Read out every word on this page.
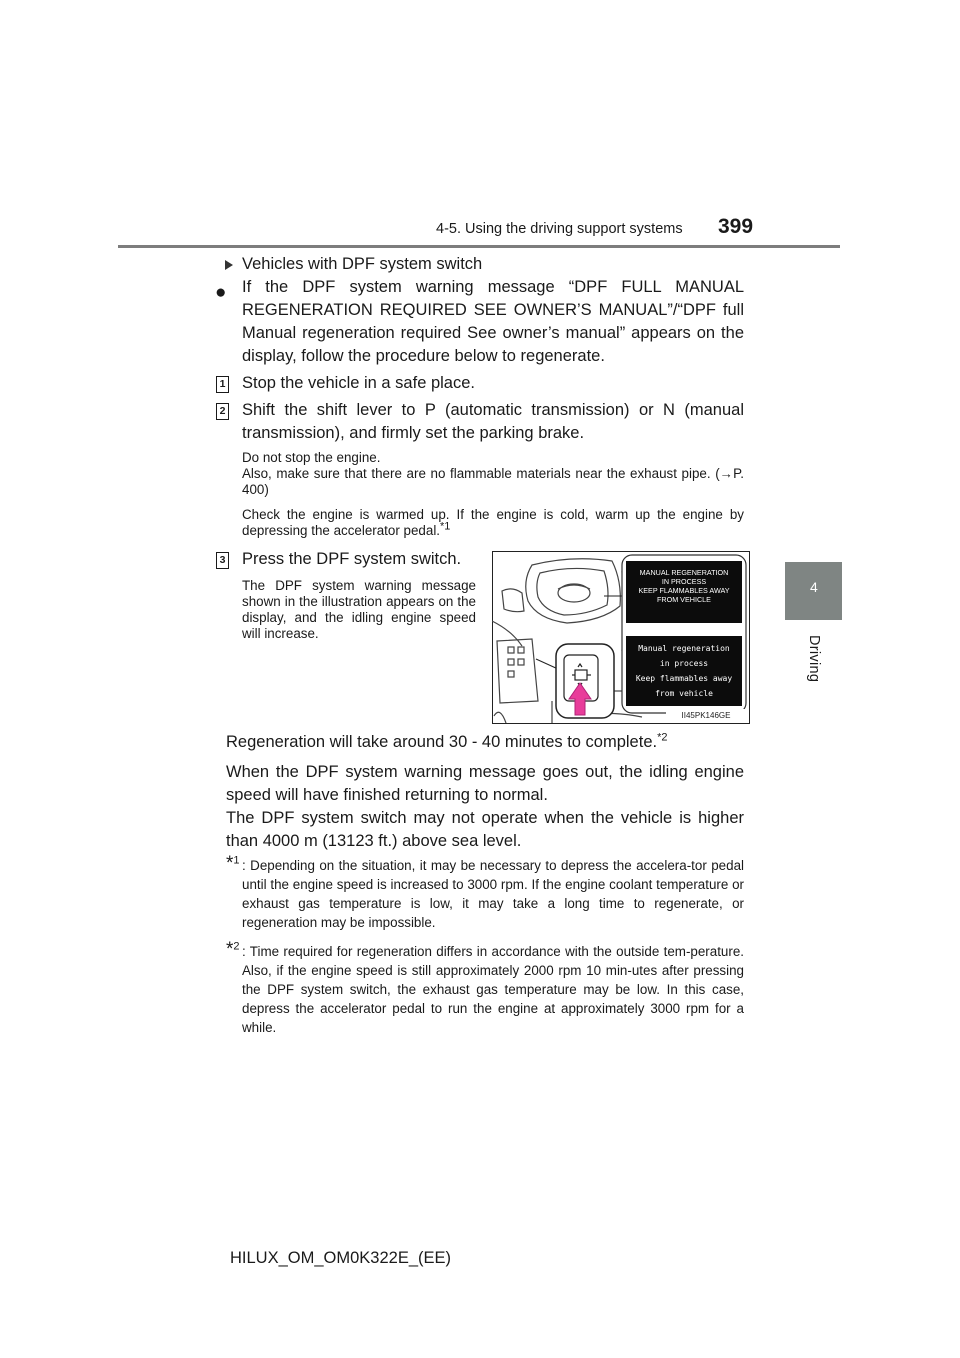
4-5. Using the driving support systems 399
4
Driving
Vehicles with DPF system switch
● If the DPF system warning message “DPF FULL MANUAL REGENERATION REQUIRED SEE OWNER’S MANUAL”/“DPF full Manual regeneration required See owner’s manual” appears on the display, follow the procedure below to regenerate.
1 Stop the vehicle in a safe place.
2 Shift the shift lever to P (automatic transmission) or N (manual transmission), and firmly set the parking brake.
Do not stop the engine.
Also, make sure that there are no flammable materials near the exhaust pipe. (→P. 400)
Check the engine is warmed up. If the engine is cold, warm up the engine by depressing the accelerator pedal.$^{*1}$
3 Press the DPF system switch.
The DPF system warning message shown in the illustration appears on the display, and the idling engine speed will increase.
MANUAL REGENERATION
IN PROCESS
KEEP FLAMMABLES AWAY
FROM VEHICLE
Manual regeneration
in process
Keep flammables away
from vehicle
II45PK146GE
Regeneration will take around 30 - 40 minutes to complete.$^{*2}$
When the DPF system warning message goes out, the idling engine speed will have finished returning to normal.
The DPF system switch may not operate when the vehicle is higher than 4000 m (13123 ft.) above sea level.
*$^1$ : Depending on the situation, it may be necessary to depress the accelera-tor pedal until the engine speed is increased to 3000 rpm. If the engine coolant temperature or exhaust gas temperature is low, it may take a long time to regenerate, or regeneration may be impossible.
*$^2$ : Time required for regeneration differs in accordance with the outside tem-perature. Also, if the engine speed is still approximately 2000 rpm 10 min-utes after pressing the DPF system switch, the exhaust gas temperature may be low. In this case, depress the accelerator pedal to run the engine at approximately 3000 rpm for a while.
HILUX_OM_OM0K322E_(EE)
